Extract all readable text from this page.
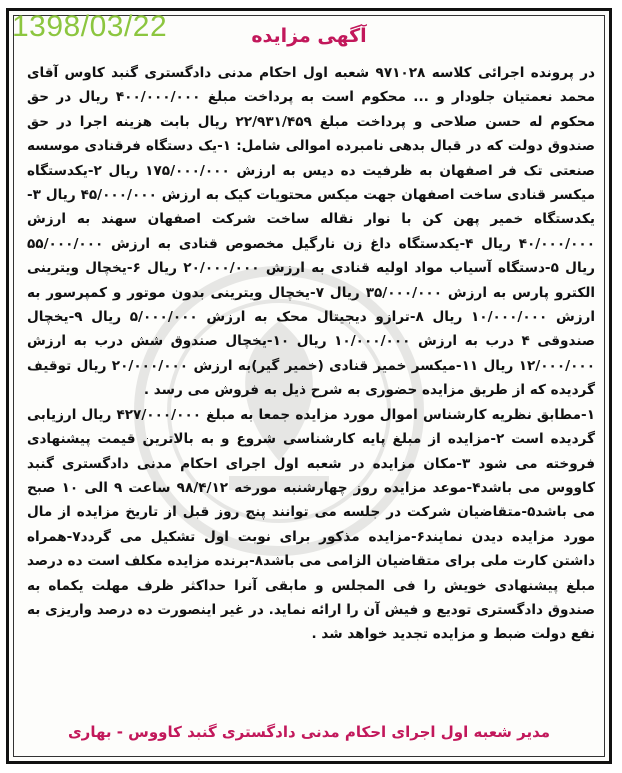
1398/03/22	آگهی مزایده

در پرونده اجرائی کلاسه ۹۷۱۰۲۸ شعبه اول احکام مدنی دادگستری گنبد کاوس آقای محمد نعمتیان جلودار و ... محکوم است به پرداخت مبلغ ۴۰۰/۰۰۰/۰۰۰ ریال در حق محکوم له حسن صلاحی و پرداخت مبلغ ۲۲/۹۳۱/۴۵۹ ریال بابت هزینه اجرا در حق صندوق دولت که در قبال بدهی نامبرده اموالی شامل: ۱-یک دستگاه فرقنادی موسسه صنعتی تک فر اصفهان به ظرفیت ده دیس به ارزش ۱۷۵/۰۰۰/۰۰۰ ریال ۲-یکدستگاه میکسر قنادی ساخت اصفهان جهت میکس محتویات کیک به ارزش ۴۵/۰۰۰/۰۰۰ ریال ۳-یکدستگاه خمیر پهن کن با نوار نقاله ساخت شرکت اصفهان سهند به ارزش ۴۰/۰۰۰/۰۰۰ ریال ۴-یکدستگاه داغ زن نارگیل مخصوص قنادی به ارزش ۵۵/۰۰۰/۰۰۰ ریال ۵-دستگاه آسیاب مواد اولیه قنادی به ارزش ۲۰/۰۰۰/۰۰۰ ریال ۶-یخچال ویترینی الکترو پارس به ارزش ۳۵/۰۰۰/۰۰۰ ریال ۷-یخچال ویترینی بدون موتور و کمپرسور به ارزش ۱۰/۰۰۰/۰۰۰ ریال ۸-ترازو دیجیتال محک به ارزش ۵/۰۰۰/۰۰۰ ریال ۹-یخچال صندوقی ۴ درب به ارزش ۱۰/۰۰۰/۰۰۰ ریال ۱۰-یخچال صندوق شش درب به ارزش ۱۲/۰۰۰/۰۰۰ ریال ۱۱-میکسر خمیر قنادی (خمیر گیر)به ارزش ۲۰/۰۰۰/۰۰۰ ریال توقیف گردیده که از طریق مزایده حضوری به شرح ذیل به فروش می رسد .

۱-مطابق نظریه کارشناس اموال مورد مزایده جمعا به مبلغ ۴۲۷/۰۰۰/۰۰۰ ریال ارزیابی گردیده است ۲-مزایده از مبلغ پایه کارشناسی شروع و به بالاترین قیمت پیشنهادی فروخته می شود ۳-مکان مزایده در شعبه اول اجرای احکام مدنی دادگستری گنبد کاووس می باشد۴-موعد مزایده روز چهارشنبه مورخه ۹۸/۴/۱۲ ساعت ۹ الی ۱۰ صبح می باشد۵-متقاضیان شرکت در جلسه می توانند پنج روز قبل از تاریخ مزایده از مال مورد مزایده دیدن نمایند۶-مزایده مذکور برای نوبت اول تشکیل می گردد۷-همراه داشتن کارت ملی برای متقاضیان الزامی می باشد۸-برنده مزایده مکلف است ده درصد مبلغ پیشنهادی خویش را فی المجلس و مابقی آنرا حداکثر ظرف مهلت یکماه به صندوق دادگستری تودیع و فیش آن را ارائه نماید. در غیر اینصورت ده درصد واریزی به نفع دولت ضبط و مزایده تجدید خواهد شد .

مدیر شعبه اول اجرای احکام مدنی دادگستری گنبد کاووس - بهاری
